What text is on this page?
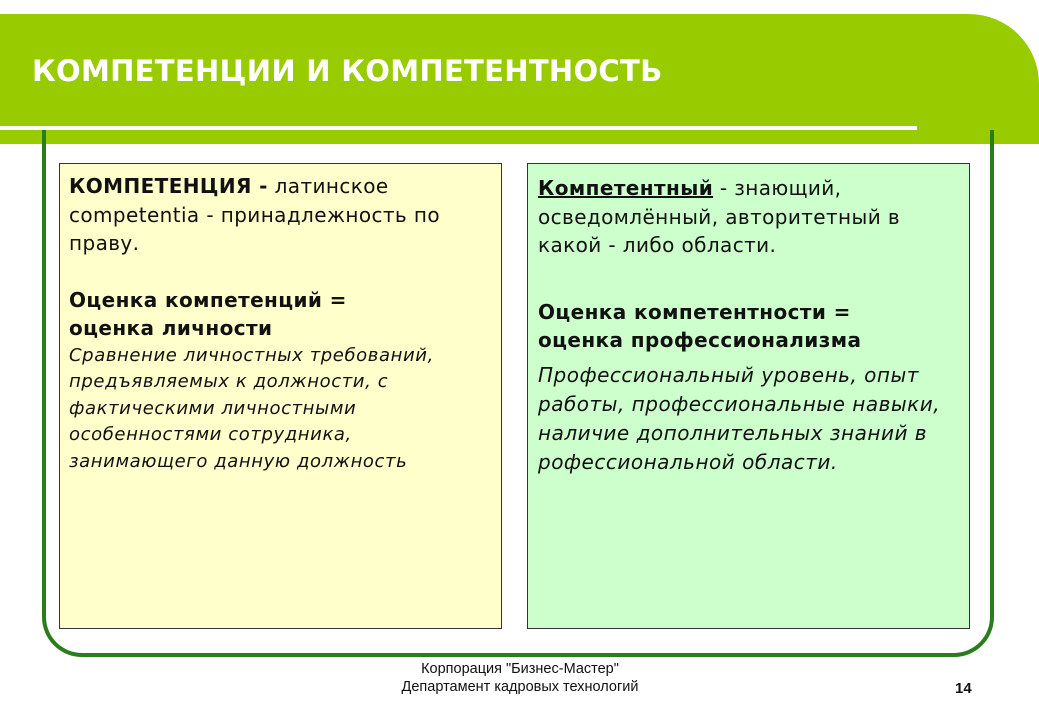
КОМПЕТЕНЦИИ И КОМПЕТЕНТНОСТЬ

КОМПЕТЕНЦИЯ - латинское competentia - принадлежность по праву.

Оценка компетенций =

оценка личности

Сравнение личностных требований, предъявляемых к должности, с фактическими личностными особенностями сотрудника, занимающего данную должность

Компетентный - знающий, осведомлённый, авторитетный в какой - либо области.

Оценка компетентности =

оценка профессионализма

Профессиональный уровень, опыт работы, профессиональные навыки, наличие дополнительных знаний в рофессиональной области.

Корпорация "Бизнес-Мастер"
Департамент кадровых технологий	14
